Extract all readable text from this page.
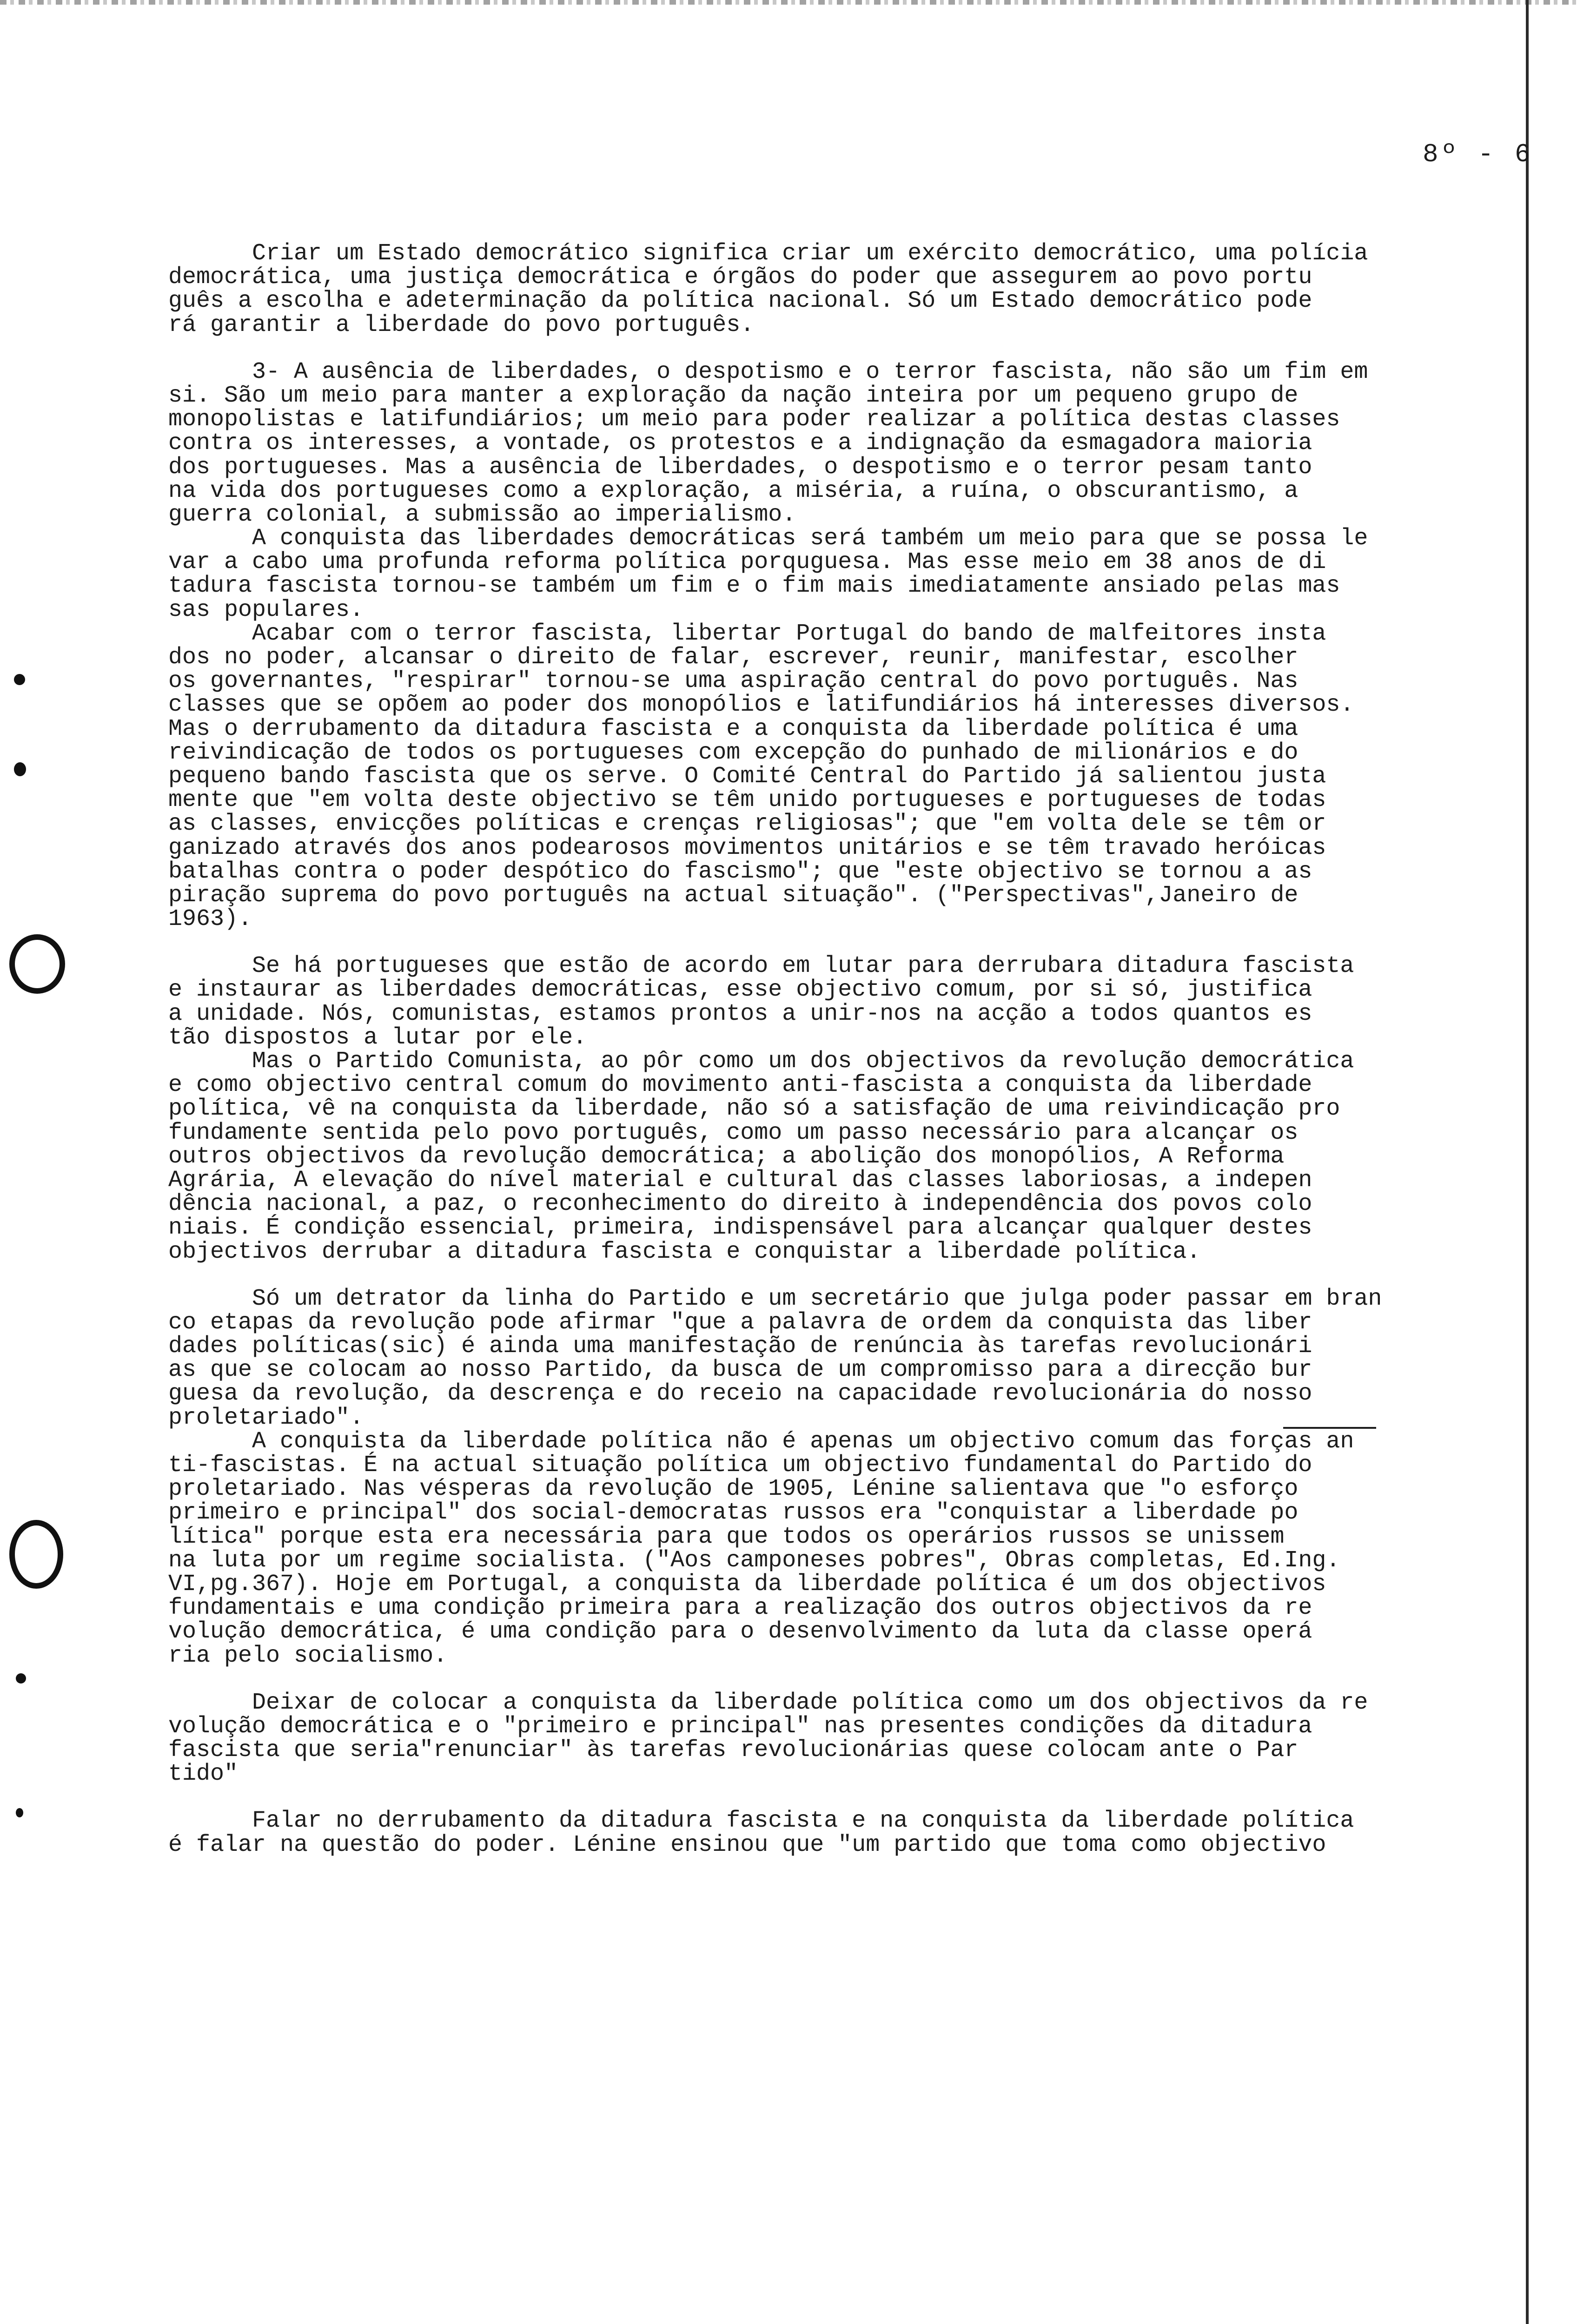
8º - 6
Criar um Estado democrático significa criar um exército democrático, uma polícia
democrática, uma justiça democrática e órgãos do poder que assegurem ao povo portu
guês a escolha e adeterminação da política nacional. Só um Estado democrático pode
rá garantir a liberdade do povo português.
3- A ausência de liberdades, o despotismo e o terror fascista, não são um fim em
si. São um meio para manter a exploração da nação inteira por um pequeno grupo de
monopolistas e latifundiários; um meio para poder realizar a política destas classes
contra os interesses, a vontade, os protestos e a indignação da esmagadora maioria
dos portugueses. Mas a ausência de liberdades, o despotismo e o terror pesam tanto
na vida dos portugueses como a exploração, a miséria, a ruína, o obscurantismo, a
guerra colonial, a submissão ao imperialismo.
A conquista das liberdades democráticas será também um meio para que se possa le
var a cabo uma profunda reforma política porquguesa. Mas esse meio em 38 anos de di
tadura fascista tornou-se também um fim e o fim mais imediatamente ansiado pelas mas
sas populares.
Acabar com o terror fascista, libertar Portugal do bando de malfeitores insta
dos no poder, alcansar o direito de falar, escrever, reunir, manifestar, escolher
os governantes, "respirar" tornou-se uma aspiração central do povo português. Nas
classes que se opõem ao poder dos monopólios e latifundiários há interesses diversos.
Mas o derrubamento da ditadura fascista e a conquista da liberdade política é uma
reivindicação de todos os portugueses com excepção do punhado de milionários e do
pequeno bando fascista que os serve. O Comité Central do Partido já salientou justa
mente que "em volta deste objectivo se têm unido portugueses e portugueses de todas
as classes, envicções políticas e crenças religiosas"; que "em volta dele se têm or
ganizado através dos anos podearosos movimentos unitários e se têm travado heróicas
batalhas contra o poder despótico do fascismo"; que "este objectivo se tornou a as
piração suprema do povo português na actual situação". ("Perspectivas",Janeiro de
1963).
Se há portugueses que estão de acordo em lutar para derrubara ditadura fascista
e instaurar as liberdades democráticas, esse objectivo comum, por si só, justifica
a unidade. Nós, comunistas, estamos prontos a unir-nos na acção a todos quantos es
tão dispostos a lutar por ele.
Mas o Partido Comunista, ao pôr como um dos objectivos da revolução democrática
e como objectivo central comum do movimento anti-fascista a conquista da liberdade
política, vê na conquista da liberdade, não só a satisfação de uma reivindicação pro
fundamente sentida pelo povo português, como um passo necessário para alcançar os
outros objectivos da revolução democrática; a abolição dos monopólios, A Reforma
Agrária, A elevação do nível material e cultural das classes laboriosas, a indepen
dência nacional, a paz, o reconhecimento do direito à independência dos povos colo
niais. É condição essencial, primeira, indispensável para alcançar qualquer destes
objectivos derrubar a ditadura fascista e conquistar a liberdade política.
Só um detrator da linha do Partido e um secretário que julga poder passar em bran
co etapas da revolução pode afirmar "que a palavra de ordem da conquista das liber
dades políticas(sic) é ainda uma manifestação de renúncia às tarefas revolucionári
as que se colocam ao nosso Partido, da busca de um compromisso para a direcção bur
guesa da revolução, da descrença e do receio na capacidade revolucionária do nosso
proletariado".
A conquista da liberdade política não é apenas um objectivo comum das forças an
ti-fascistas. É na actual situação política um objectivo fundamental do Partido do
proletariado. Nas vésperas da revolução de 1905, Lénine salientava que "o esforço
primeiro e principal" dos social-democratas russos era "conquistar a liberdade po
lítica" porque esta era necessária para que todos os operários russos se unissem
na luta por um regime socialista. ("Aos camponeses pobres", Obras completas, Ed.Ing.
VI,pg.367). Hoje em Portugal, a conquista da liberdade política é um dos objectivos
fundamentais e uma condição primeira para a realização dos outros objectivos da re
volução democrática, é uma condição para o desenvolvimento da luta da classe operá
ria pelo socialismo.
Deixar de colocar a conquista da liberdade política como um dos objectivos da re
volução democrática e o "primeiro e principal" nas presentes condições da ditadura
fascista que seria"renunciar" às tarefas revolucionárias quese colocam ante o Par
tido"
Falar no derrubamento da ditadura fascista e na conquista da liberdade política
é falar na questão do poder. Lénine ensinou que "um partido que toma como objectivo
